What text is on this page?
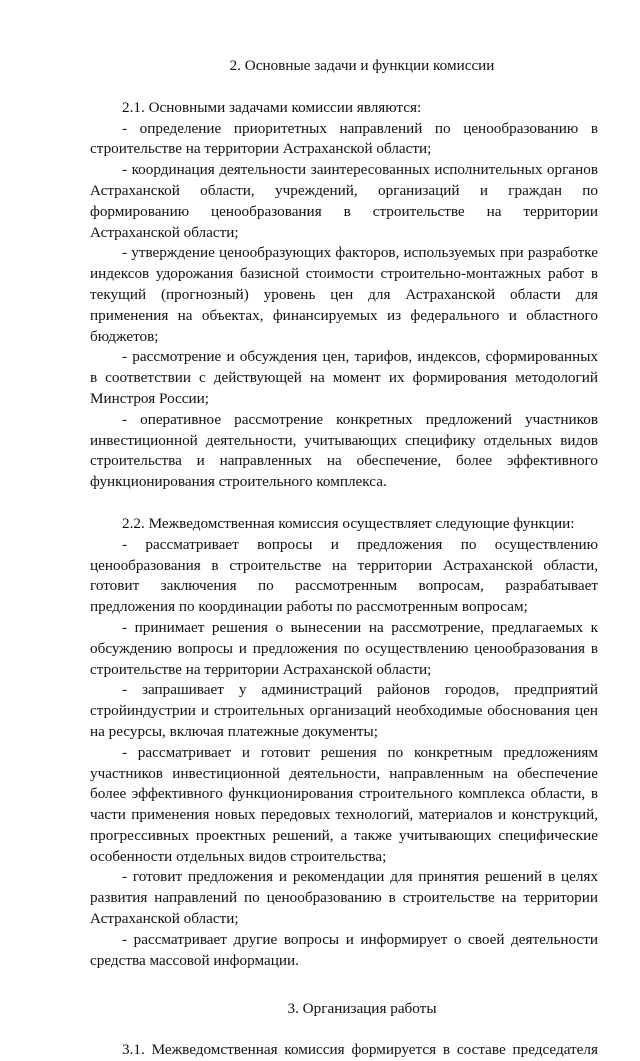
2. Основные задачи и функции комиссии

2.1. Основными задачами комиссии являются:

- определение приоритетных направлений по ценообразованию в строительстве на территории Астраханской области;

- координация деятельности заинтересованных исполнительных органов Астраханской области, учреждений, организаций и граждан по формированию ценообразования в строительстве на территории Астраханской области;

- утверждение ценообразующих факторов, используемых при разработке индексов удорожания базисной стоимости строительно-монтажных работ в текущий (прогнозный) уровень цен для Астраханской области для применения на объектах, финансируемых из федерального и областного бюджетов;

- рассмотрение и обсуждения цен, тарифов, индексов, сформированных в соответствии с действующей на момент их формирования методологий Минстроя России;

- оперативное рассмотрение конкретных предложений участников инвестиционной деятельности, учитывающих специфику отдельных видов строительства и направленных на обеспечение, более эффективного функционирования строительного комплекса.

2.2. Межведомственная комиссия осуществляет следующие функции:

- рассматривает вопросы и предложения по осуществлению ценообразования в строительстве на территории Астраханской области, готовит заключения по рассмотренным вопросам, разрабатывает предложения по координации работы по рассмотренным вопросам;

- принимает решения о вынесении на рассмотрение, предлагаемых к обсуждению вопросы и предложения по осуществлению ценообразования в строительстве на территории Астраханской области;

- запрашивает у администраций районов городов, предприятий стройиндустрии и строительных организаций необходимые обоснования цен на ресурсы, включая платежные документы;

- рассматривает и готовит решения по конкретным предложениям участников инвестиционной деятельности, направленным на обеспечение более эффективного функционирования строительного комплекса области, в части применения новых передовых технологий, материалов и конструкций, прогрессивных проектных решений, а также учитывающих специфические особенности отдельных видов строительства;

- готовит предложения и рекомендации для принятия решений в целях развития направлений по ценообразованию в строительстве на территории Астраханской области;

- рассматривает другие вопросы и информирует о своей деятельности средства массовой информации.

3. Организация работы

3.1. Межведомственная комиссия формируется в составе председателя
